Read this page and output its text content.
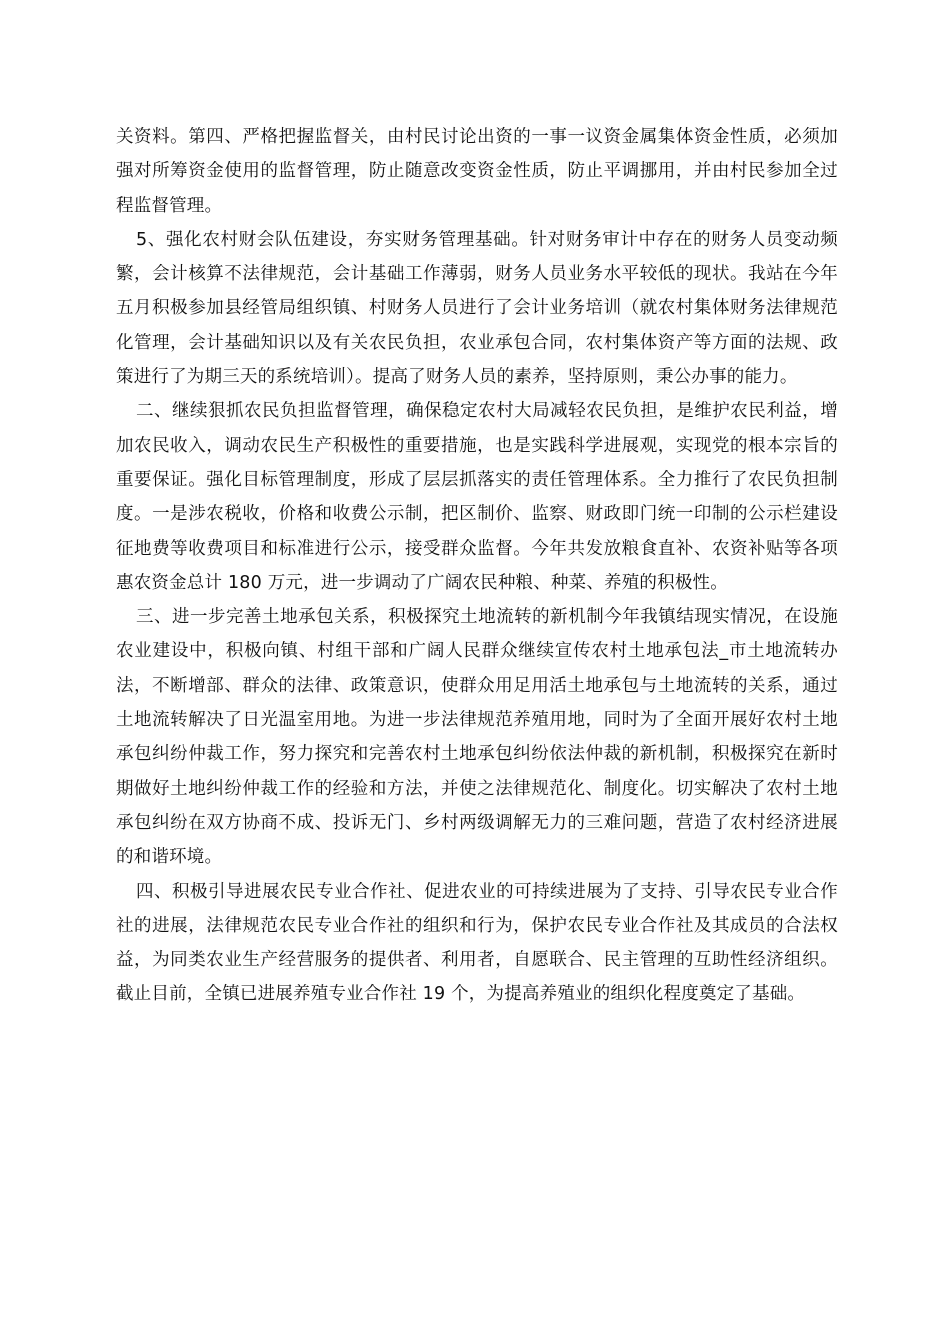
关资料。第四、严格把握监督关，由村民讨论出资的一事一议资金属集体资金性质，必须加强对所筹资金使用的监督管理，防止随意改变资金性质，防止平调挪用，并由村民参加全过程监督管理。

5、强化农村财会队伍建设，夯实财务管理基础。针对财务审计中存在的财务人员变动频繁，会计核算不法律规范，会计基础工作薄弱，财务人员业务水平较低的现状。我站在今年五月积极参加县经管局组织镇、村财务人员进行了会计业务培训（就农村集体财务法律规范化管理，会计基础知识以及有关农民负担，农业承包合同，农村集体资产等方面的法规、政策进行了为期三天的系统培训）。提高了财务人员的素养，坚持原则，秉公办事的能力。

二、继续狠抓农民负担监督管理，确保稳定农村大局减轻农民负担，是维护农民利益，增加农民收入，调动农民生产积极性的重要措施，也是实践科学进展观，实现党的根本宗旨的重要保证。强化目标管理制度，形成了层层抓落实的责任管理体系。全力推行了农民负担制度。一是涉农税收，价格和收费公示制，把区制价、监察、财政即门统一印制的公示栏建设征地费等收费项目和标准进行公示，接受群众监督。今年共发放粮食直补、农资补贴等各项惠农资金总计 180 万元，进一步调动了广阔农民种粮、种菜、养殖的积极性。

三、进一步完善土地承包关系，积极探究土地流转的新机制今年我镇结现实情况，在设施农业建设中，积极向镇、村组干部和广阔人民群众继续宣传农村土地承包法_市土地流转办法，不断增部、群众的法律、政策意识，使群众用足用活土地承包与土地流转的关系，通过土地流转解决了日光温室用地。为进一步法律规范养殖用地，同时为了全面开展好农村土地承包纠纷仲裁工作，努力探究和完善农村土地承包纠纷依法仲裁的新机制，积极探究在新时期做好土地纠纷仲裁工作的经验和方法，并使之法律规范化、制度化。切实解决了农村土地承包纠纷在双方协商不成、投诉无门、乡村两级调解无力的三难问题，营造了农村经济进展的和谐环境。

四、积极引导进展农民专业合作社、促进农业的可持续进展为了支持、引导农民专业合作社的进展，法律规范农民专业合作社的组织和行为，保护农民专业合作社及其成员的合法权益，为同类农业生产经营服务的提供者、利用者，自愿联合、民主管理的互助性经济组织。截止目前，全镇已进展养殖专业合作社 19 个，为提高养殖业的组织化程度奠定了基础。
